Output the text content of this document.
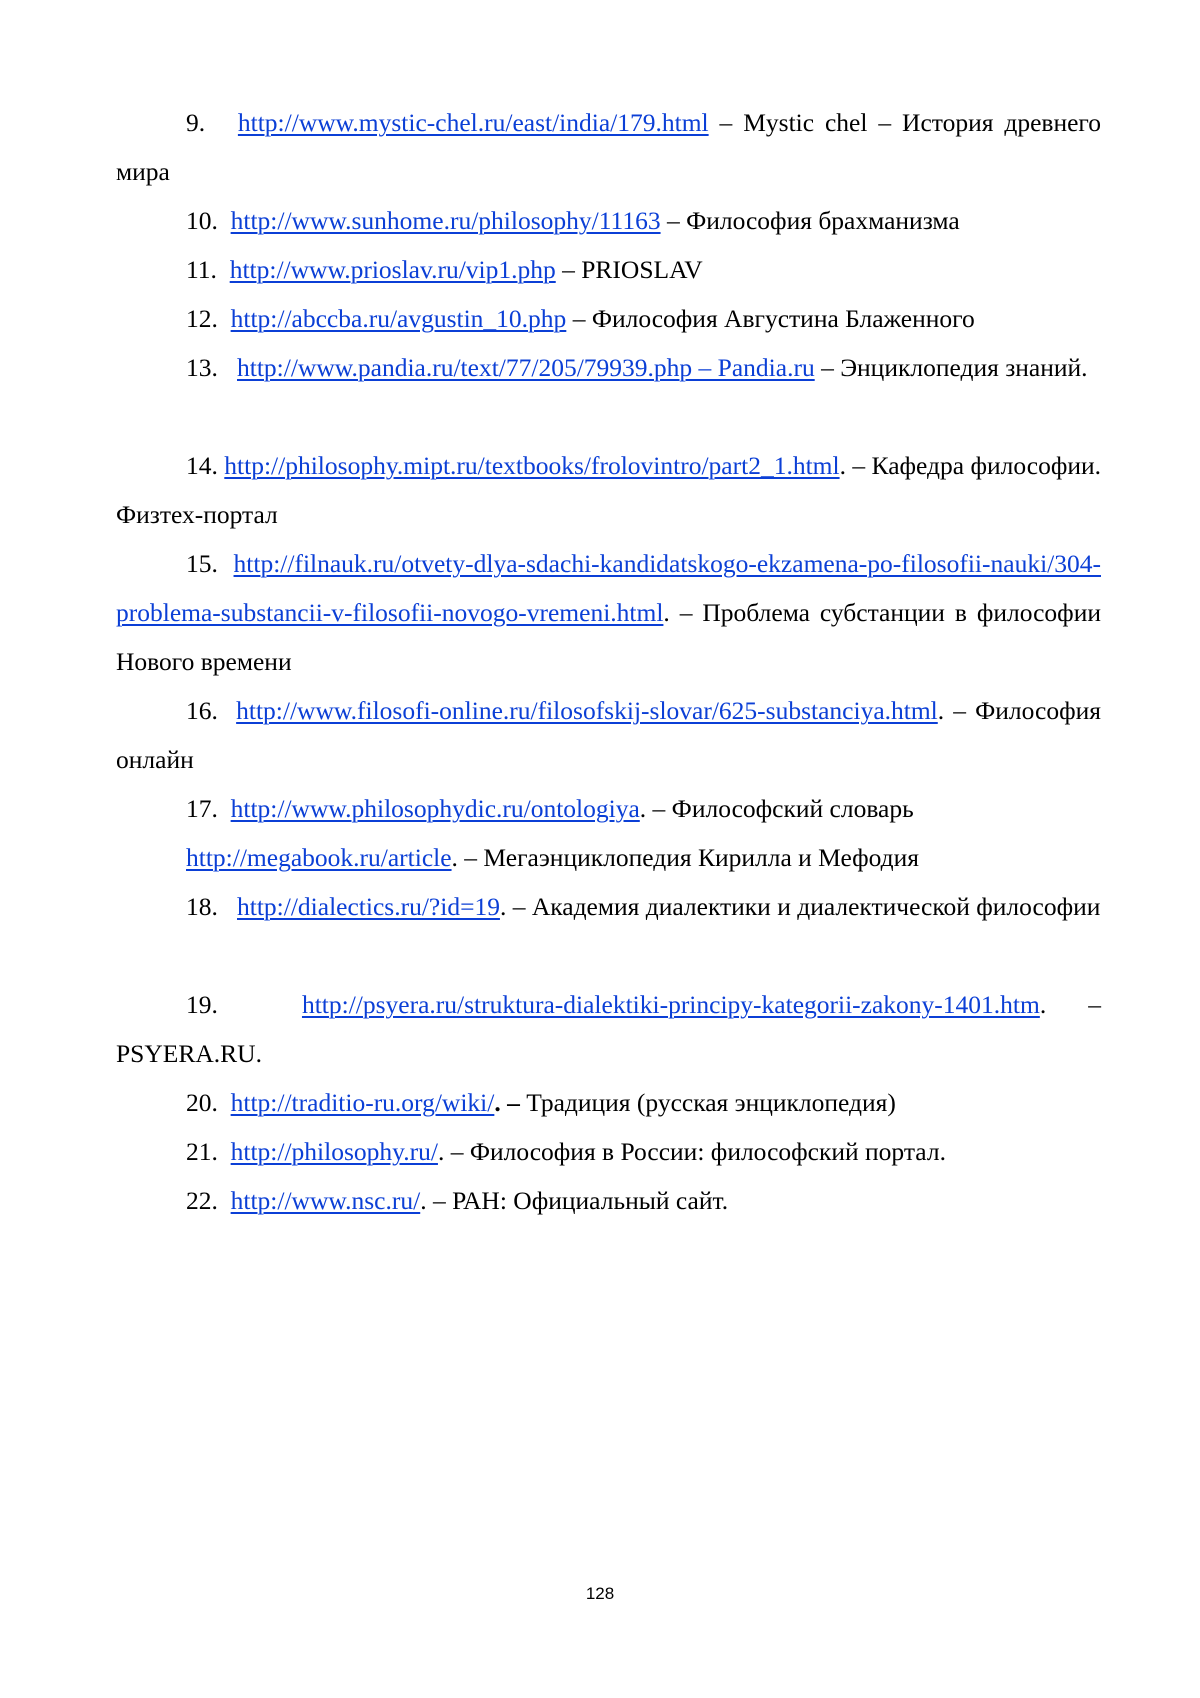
9. http://www.mystic-chel.ru/east/india/179.html – Mystic chel – История древнего мира

10. http://www.sunhome.ru/philosophy/11163 – Философия брахманизма

11. http://www.prioslav.ru/vip1.php – PRIOSLAV

12. http://abccba.ru/avgustin_10.php – Философия Августина Блаженного

13. http://www.pandia.ru/text/77/205/79939.php – Pandia.ru – Энциклопедия знаний.

14. http://philosophy.mipt.ru/textbooks/frolovintro/part2_1.html. – Кафедра философии. Физтех-портал

15. http://filnauk.ru/otvety-dlya-sdachi-kandidatskogo-ekzamena-po-filosofii-nauki/304-problema-substancii-v-filosofii-novogo-vremeni.html. – Проблема субстанции в философии Нового времени

16. http://www.filosofi-online.ru/filosofskij-slovar/625-substanciya.html. – Философия онлайн

17. http://www.philosophydic.ru/ontologiya. – Философский словарь

http://megabook.ru/article. – Мегаэнциклопедия Кирилла и Мефодия

18. http://dialectics.ru/?id=19. – Академия диалектики и диалектической философии

19.	http://psyera.ru/struktura-dialektiki-principy-kategorii-zakony-1401.htm. – PSYERA.RU.

20. http://traditio-ru.org/wiki/. – Традиция (русская энциклопедия)

21. http://philosophy.ru/. – Философия в России: философский портал.

22. http://www.nsc.ru/. – РАН: Официальный сайт.

128
